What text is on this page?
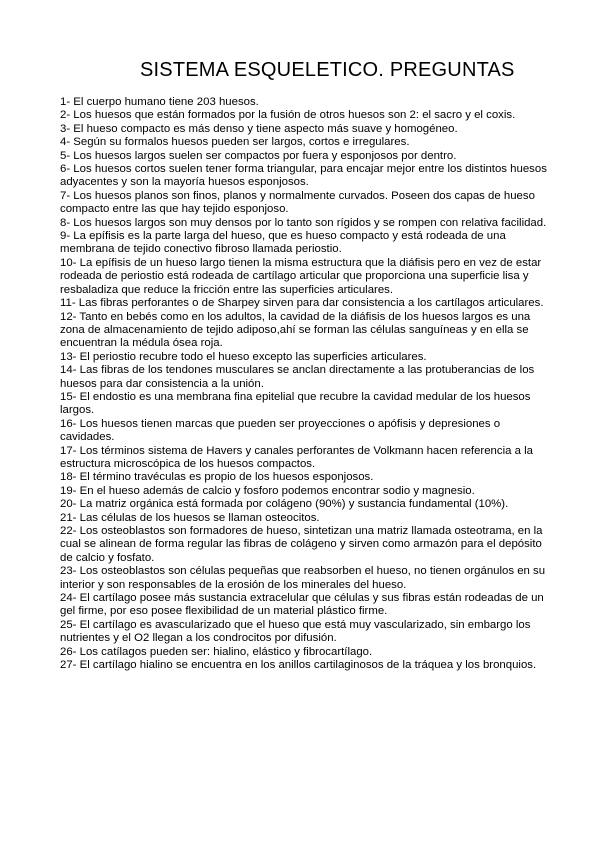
SISTEMA ESQUELETICO. PREGUNTAS
1- El cuerpo humano tiene 203 huesos.
2- Los huesos que están formados por la fusión de otros huesos son 2: el sacro y el coxis.
3- El hueso compacto es más denso y tiene aspecto más suave y homogéneo.
4- Según su formalos huesos pueden ser largos, cortos e irregulares.
5- Los huesos largos suelen ser compactos por fuera y esponjosos por dentro.
6- Los huesos cortos suelen tener forma triangular, para encajar mejor entre los distintos huesos adyacentes y son la mayoría huesos esponjosos.
7- Los huesos planos son finos, planos y normalmente curvados. Poseen dos capas de hueso compacto entre las que hay tejido esponjoso.
8- Los huesos largos son muy densos por lo tanto son rígidos y se rompen con relativa facilidad.
9- La epífisis es la parte larga del hueso, que es hueso compacto y está rodeada de una membrana de tejido conectivo fibroso llamada periostio.
10- La epífisis de un hueso largo tienen la misma estructura que la diáfisis pero en vez de estar rodeada de periostio está rodeada de cartílago articular que proporciona una superficie lisa y resbaladiza que reduce la fricción entre las superficies articulares.
11- Las fibras perforantes o de Sharpey sirven para dar consistencia a los cartílagos articulares.
12- Tanto en bebés como en los adultos, la cavidad de la diáfisis de los huesos largos es una zona de almacenamiento de tejido adiposo,ahí se forman las células sanguíneas y en ella se encuentran la médula ósea roja.
13- El periostio recubre todo el hueso excepto las superficies articulares.
14- Las fibras de los tendones musculares se anclan directamente a las protuberancias de los huesos para dar consistencia a la unión.
15- El endostio es una membrana fina epitelial que recubre la cavidad medular de los huesos largos.
16- Los huesos tienen marcas que pueden ser proyecciones o apófisis y depresiones o cavidades.
17- Los términos sistema de Havers y canales perforantes de Volkmann hacen referencia a la estructura microscópica de los huesos compactos.
18- El término travéculas es propio de los huesos esponjosos.
19- En el hueso además de calcio y fosforo podemos encontrar sodio y magnesio.
20- La matriz orgánica está formada por colágeno (90%) y sustancia fundamental (10%).
21- Las células de los huesos se llaman osteocitos.
22- Los osteoblastos son formadores de hueso, sintetizan una matriz llamada osteotrama, en la cual se alinean de forma regular las fibras de colágeno y sirven como armazón para el depósito de calcio y fosfato.
23- Los osteoblastos son células pequeñas que reabsorben el hueso, no tienen orgánulos en su interior y son responsables de la erosión de los minerales del hueso.
24- El cartílago posee más sustancia extracelular que células y sus fibras están rodeadas de un gel firme, por eso posee flexibilidad de un material plástico firme.
25- El cartílago es avascularizado que el hueso que está muy vascularizado, sin embargo los nutrientes y el O2 llegan a los condrocitos por difusión.
26- Los catílagos pueden ser: hialino, elástico y fibrocartílago.
27- El cartílago hialino se encuentra en los anillos cartilaginosos de la tráquea y los bronquios.
